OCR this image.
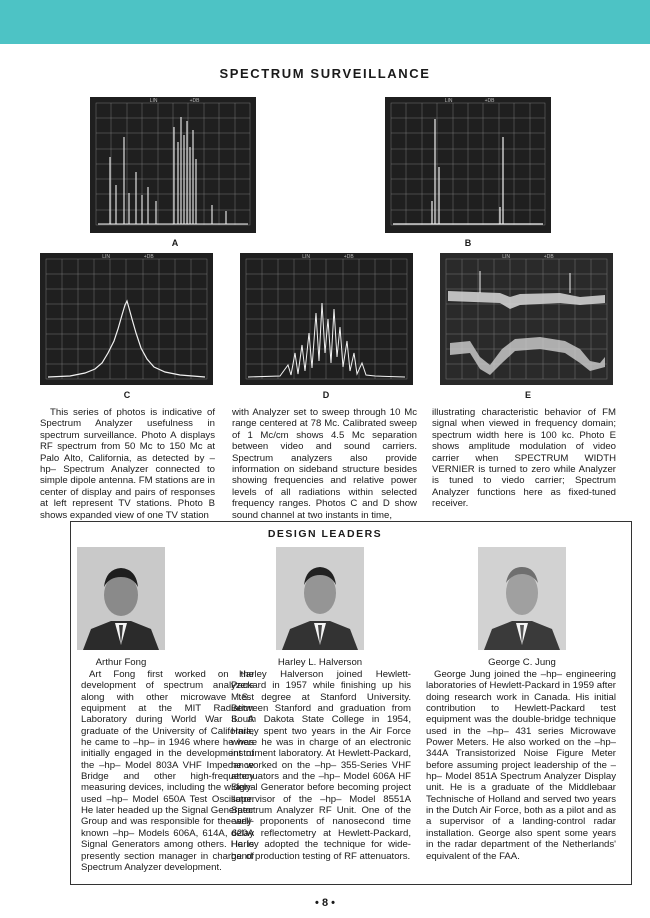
SPECTRUM SURVEILLANCE
LIN	+DB
A
LIN	+DB
B
LIN	+DB
C
LIN	+DB
D
LIN	+DB
E
This series of photos is indicative of Spectrum Analyzer usefulness in spectrum surveillance. Photo A displays RF spectrum from 50 Mc to 150 Mc at Palo Alto, California, as detected by –hp– Spectrum Analyzer connected to simple dipole antenna. FM stations are in center of display and pairs of responses at left represent TV stations. Photo B shows expanded view of one TV station
with Analyzer set to sweep through 10 Mc range centered at 78 Mc. Calibrated sweep of 1 Mc/cm shows 4.5 Mc separation between video and sound carriers. Spectrum analyzers also provide information on sideband structure besides showing frequencies and relative power levels of all radiations within selected frequency ranges. Photos C and D show sound channel at two instants in time,
illustrating characteristic behavior of FM signal when viewed in frequency domain; spectrum width here is 100 kc. Photo E shows amplitude modulation of video carrier when SPECTRUM WIDTH VERNIER is turned to zero while Analyzer is tuned to viedo carrier; Spectrum Analyzer functions here as fixed-tuned receiver.
DESIGN LEADERS
Arthur Fong	Harley L. Halverson	George C. Jung
Art Fong first worked on the development of spectrum analyzers along with other microwave test equipment at the MIT Radiation Laboratory during World War II. A graduate of the University of California, he came to –hp– in 1946 where he was initially engaged in the development of the –hp– Model 803A VHF Impedance Bridge and other high-frequency measuring devices, including the widely-used –hp– Model 650A Test Oscillator. He later headed up the Signal Generator Group and was responsible for the well-known –hp– Models 606A, 614A, 620A Signal Generators among others. He is presently section manager in charge of Spectrum Analyzer development.
Harley Halverson joined Hewlett-Packard in 1957 while finishing up his M.S. degree at Stanford University. Between Stanford and graduation from South Dakota State College in 1954, Harley spent two years in the Air Force where he was in charge of an electronic instrument laboratory. At Hewlett-Packard, he worked on the –hp– 355-Series VHF attenuators and the –hp– Model 606A HF Signal Generator before becoming project supervisor of the –hp– Model 8551A Spectrum Analyzer RF Unit. One of the early proponents of nanosecond time delay reflectometry at Hewlett-Packard, Harley adopted the technique for wide-band production testing of RF attenuators.
George Jung joined the –hp– engineering laboratories of Hewlett-Packard in 1959 after doing research work in Canada. His initial contribution to Hewlett-Packard test equipment was the double-bridge technique used in the –hp– 431 series Microwave Power Meters. He also worked on the –hp– 344A Transistorized Noise Figure Meter before assuming project leadership of the –hp– Model 851A Spectrum Analyzer Display unit. He is a graduate of the Middlebaar Technische of Holland and served two years in the Dutch Air Force, both as a pilot and as a supervisor of a landing-control radar installation. George also spent some years in the radar department of the Netherlands' equivalent of the FAA.
• 8 •
